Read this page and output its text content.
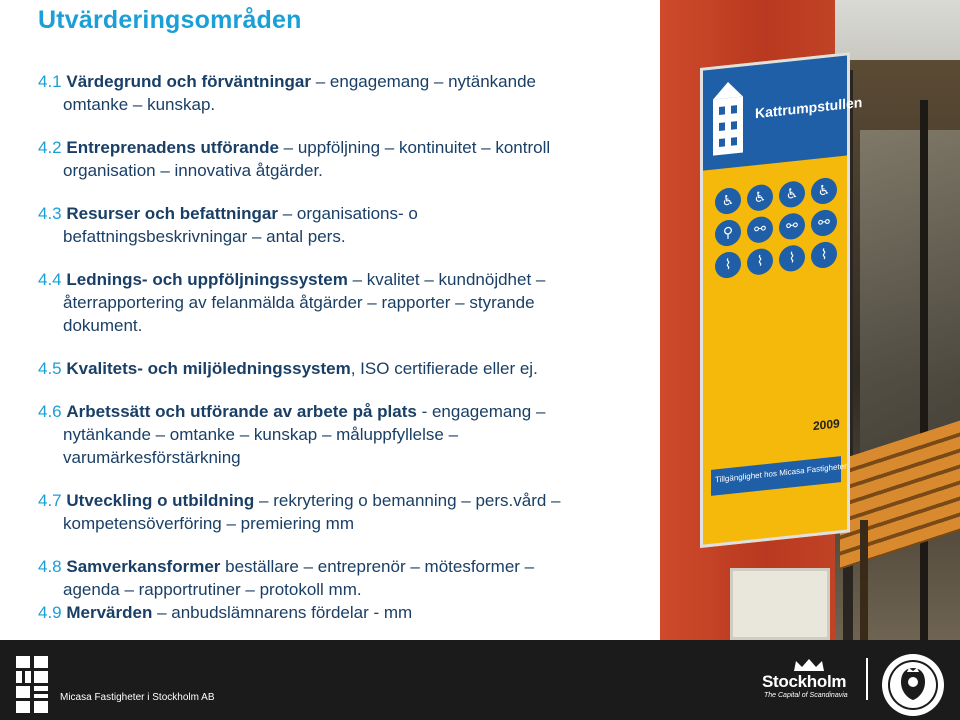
Utvärderingsområden
4.1 Värdegrund och förväntningar – engagemang – nytänkande
omtanke – kunskap.
4.2 Entreprenadens utförande – uppföljning – kontinuitet – kontroll
organisation – innovativa åtgärder.
4.3 Resurser och befattningar – organisations- o
befattningsbeskrivningar – antal pers.
4.4 Lednings- och uppföljningssystem – kvalitet – kundnöjdhet –
återrapportering av felanmälda åtgärder – rapporter – styrande
dokument.
4.5 Kvalitets- och miljöledningssystem, ISO certifierade eller ej.
4.6 Arbetssätt och utförande av arbete på plats - engagemang –
nytänkande – omtanke – kunskap – måluppfyllelse –
varumärkesförstärkning
4.7 Utveckling o utbildning – rekrytering o bemanning – pers.vård –
kompetensöverföring – premiering mm
4.8 Samverkansformer beställare – entreprenör – mötesformer –
agenda – rapportrutiner – protokoll mm.
4.9 Mervärden – anbudslämnarens fördelar - mm
Kattrumpstullen
♿	♿	♿	♿
⚲	⚯	⚯	⚯
⌇	⌇	⌇	⌇
2009
Tillgänglighet hos Micasa Fastigheter
Micasa Fastigheter i Stockholm AB
Stockholm
The Capital of Scandinavia
